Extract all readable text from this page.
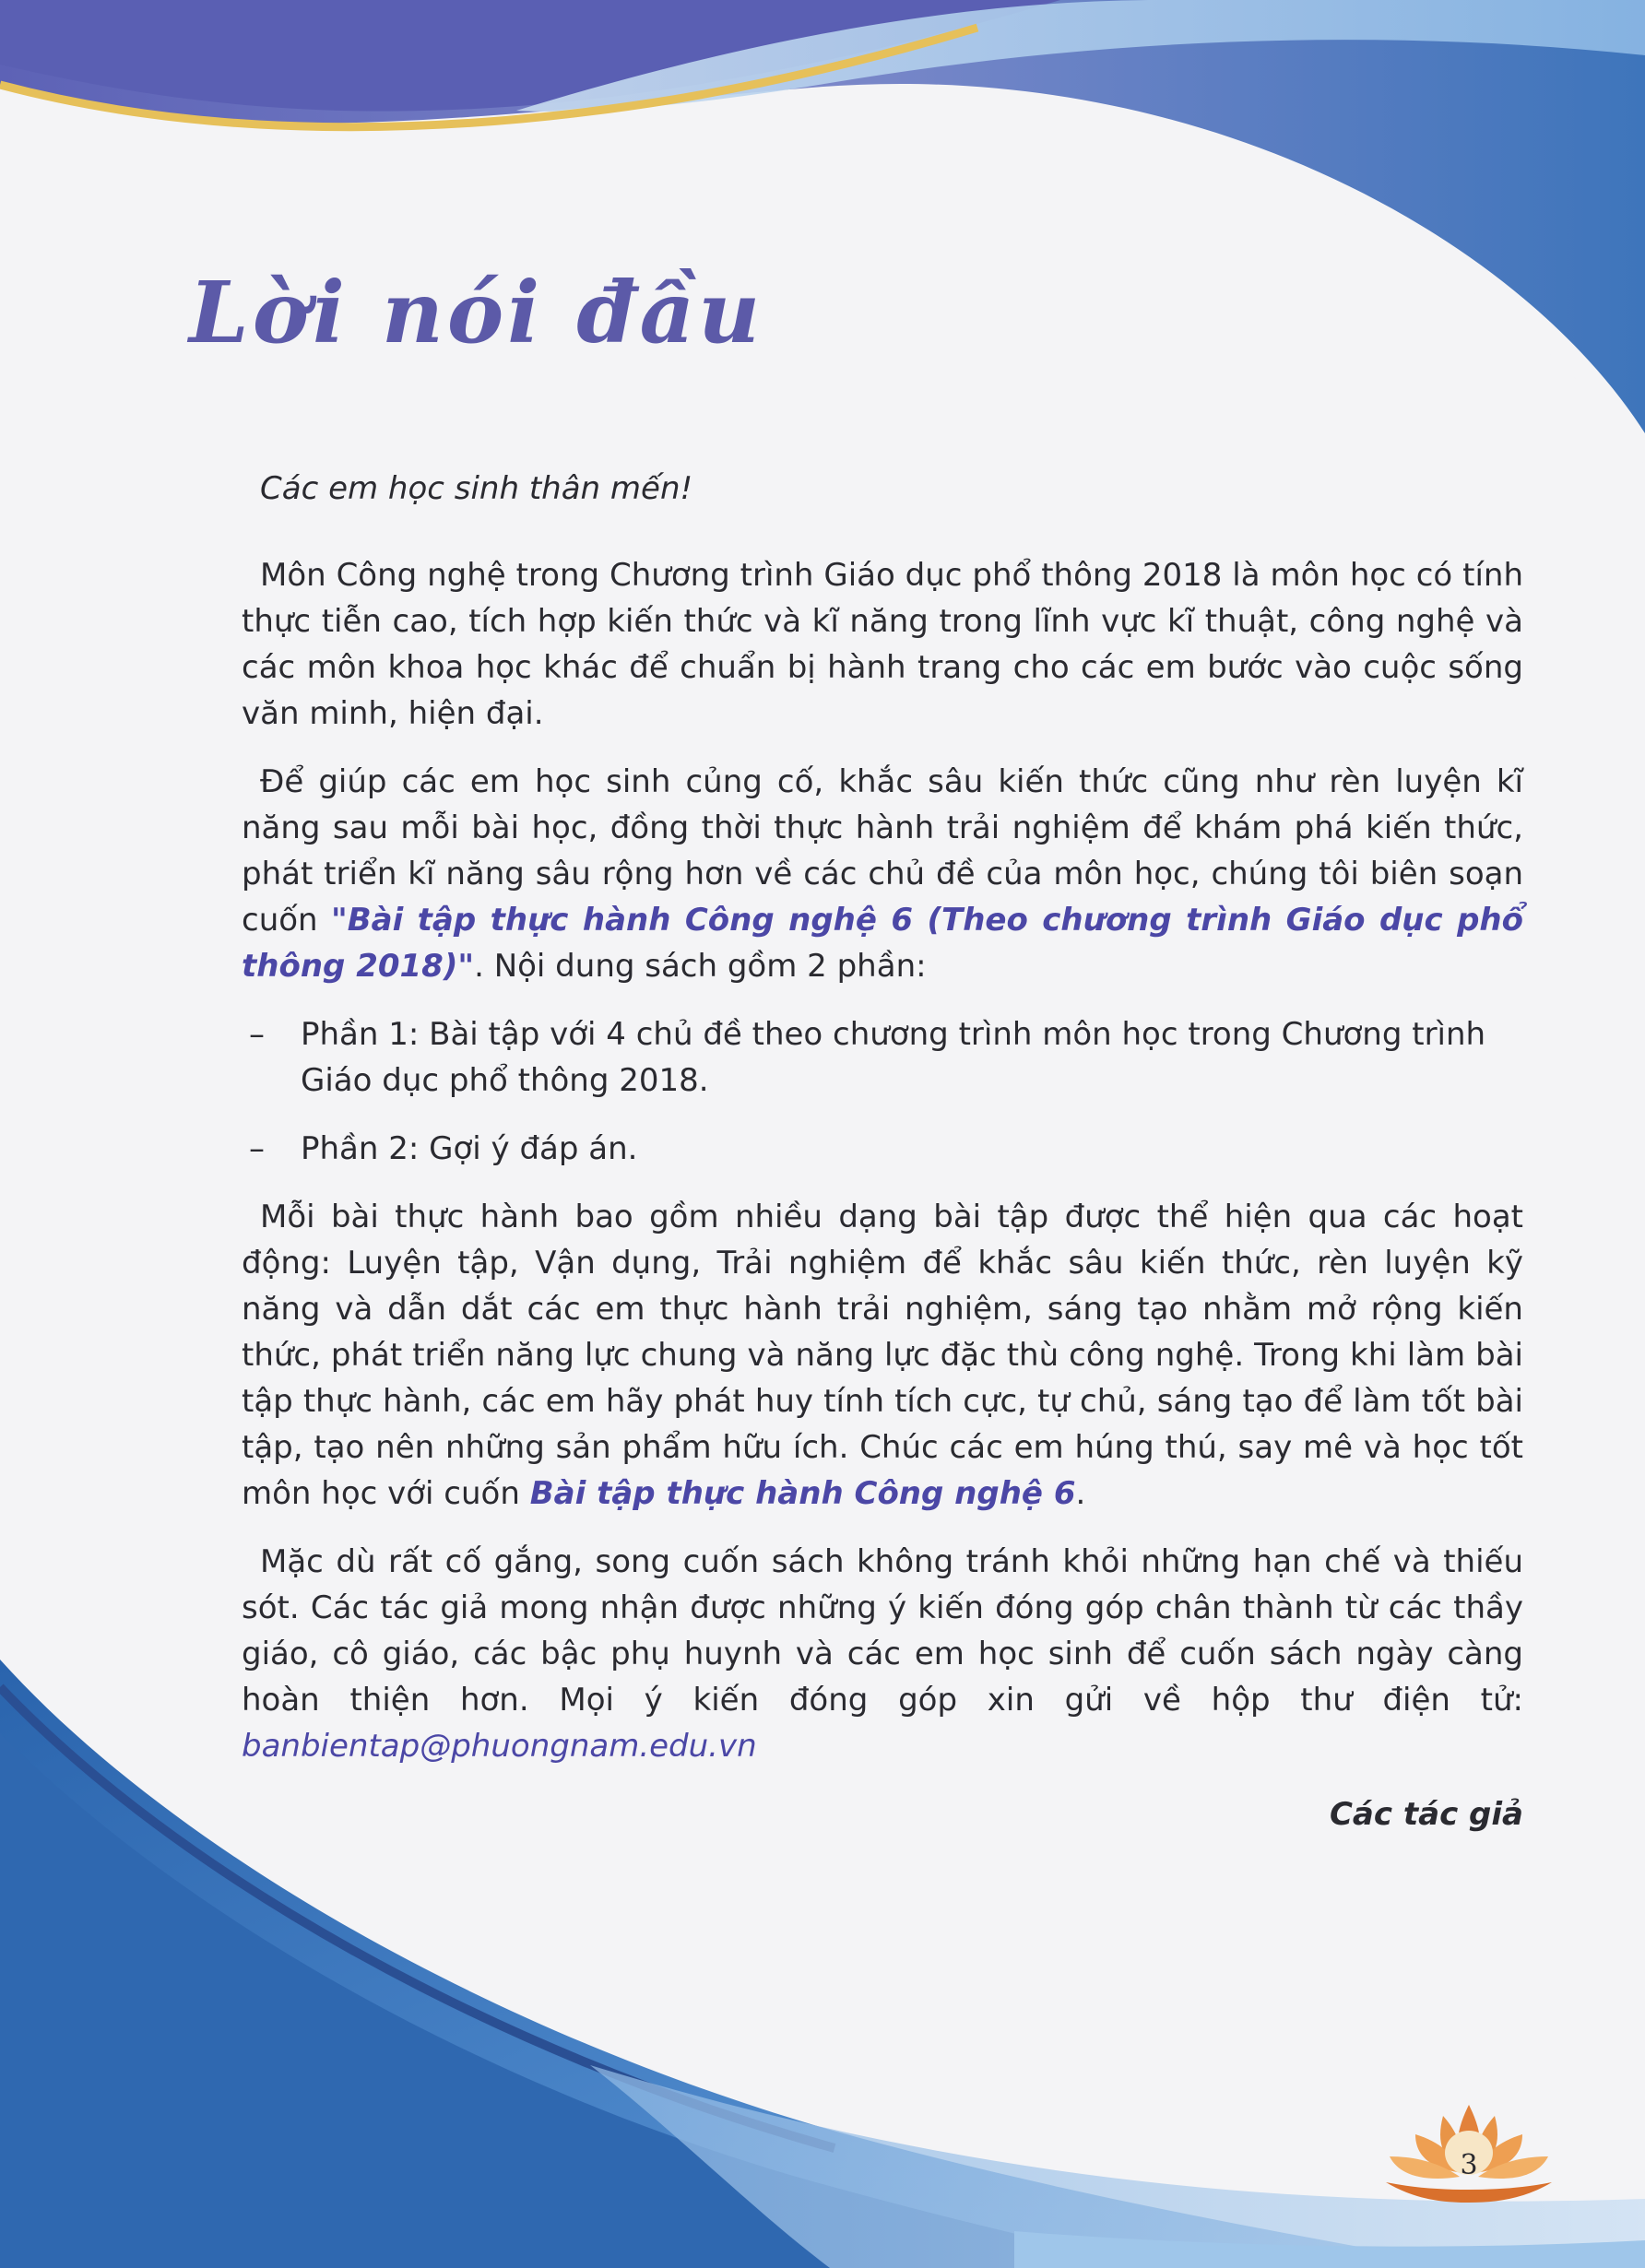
Lời nói đầu

Các em học sinh thân mến!

Môn Công nghệ trong Chương trình Giáo dục phổ thông 2018 là môn học có tính thực tiễn cao, tích hợp kiến thức và kĩ năng trong lĩnh vực kĩ thuật, công nghệ và các môn khoa học khác để chuẩn bị hành trang cho các em bước vào cuộc sống văn minh, hiện đại.

Để giúp các em học sinh củng cố, khắc sâu kiến thức cũng như rèn luyện kĩ năng sau mỗi bài học, đồng thời thực hành trải nghiệm để khám phá kiến thức, phát triển kĩ năng sâu rộng hơn về các chủ đề của môn học, chúng tôi biên soạn cuốn "Bài tập thực hành Công nghệ 6 (Theo chương trình Giáo dục phổ thông 2018)". Nội dung sách gồm 2 phần:

– Phần 1: Bài tập với 4 chủ đề theo chương trình môn học trong Chương trình Giáo dục phổ thông 2018.
– Phần 2: Gợi ý đáp án.

Mỗi bài thực hành bao gồm nhiều dạng bài tập được thể hiện qua các hoạt động: Luyện tập, Vận dụng, Trải nghiệm để khắc sâu kiến thức, rèn luyện kỹ năng và dẫn dắt các em thực hành trải nghiệm, sáng tạo nhằm mở rộng kiến thức, phát triển năng lực chung và năng lực đặc thù công nghệ. Trong khi làm bài tập thực hành, các em hãy phát huy tính tích cực, tự chủ, sáng tạo để làm tốt bài tập, tạo nên những sản phẩm hữu ích. Chúc các em húng thú, say mê và học tốt môn học với cuốn Bài tập thực hành Công nghệ 6.

Mặc dù rất cố gắng, song cuốn sách không tránh khỏi những hạn chế và thiếu sót. Các tác giả mong nhận được những ý kiến đóng góp chân thành từ các thầy giáo, cô giáo, các bậc phụ huynh và các em học sinh để cuốn sách ngày càng hoàn thiện hơn. Mọi ý kiến đóng góp xin gửi về hộp thư điện tử: banbientap@phuongnam.edu.vn

Các tác giả

3
